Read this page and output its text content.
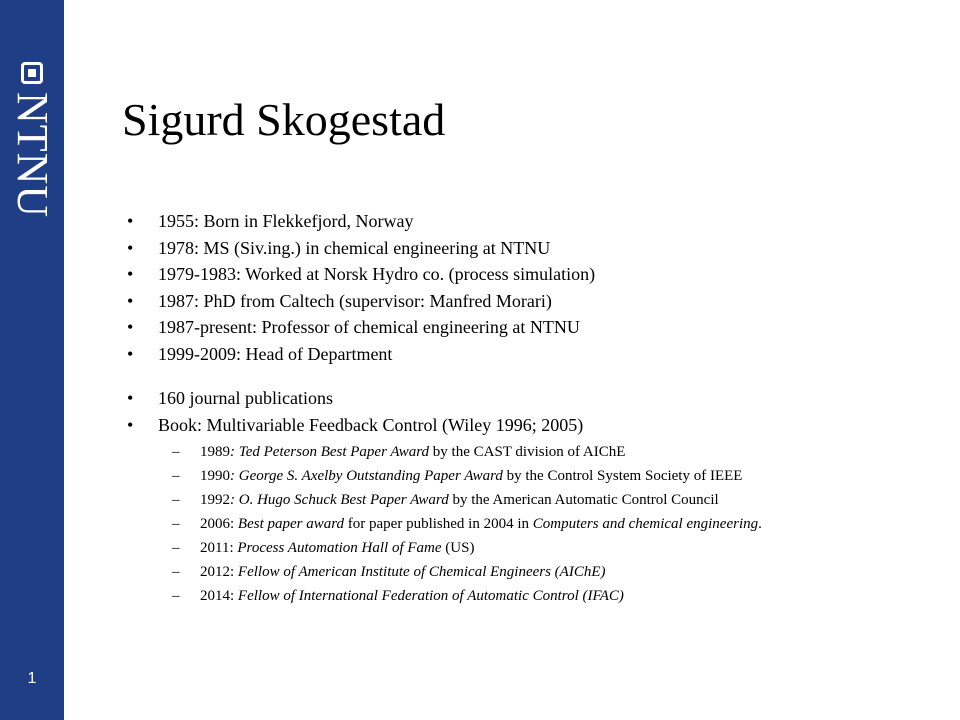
NTNU
1
Sigurd Skogestad
• 1955: Born in Flekkefjord, Norway
• 1978: MS (Siv.ing.) in chemical engineering at NTNU
• 1979-1983: Worked at Norsk Hydro co. (process simulation)
• 1987: PhD from Caltech (supervisor: Manfred Morari)
• 1987-present: Professor of chemical engineering at NTNU
• 1999-2009: Head of Department
• 160 journal publications
• Book: Multivariable Feedback Control (Wiley 1996; 2005)
– 1989: Ted Peterson Best Paper Award by the CAST division of AIChE
– 1990: George S. Axelby Outstanding Paper Award by the Control System Society of IEEE
– 1992: O. Hugo Schuck Best Paper Award by the American Automatic Control Council
– 2006: Best paper award for paper published in 2004 in Computers and chemical engineering.
– 2011: Process Automation Hall of Fame (US)
– 2012: Fellow of American Institute of Chemical Engineers (AIChE)
– 2014: Fellow of International Federation of Automatic Control (IFAC)
